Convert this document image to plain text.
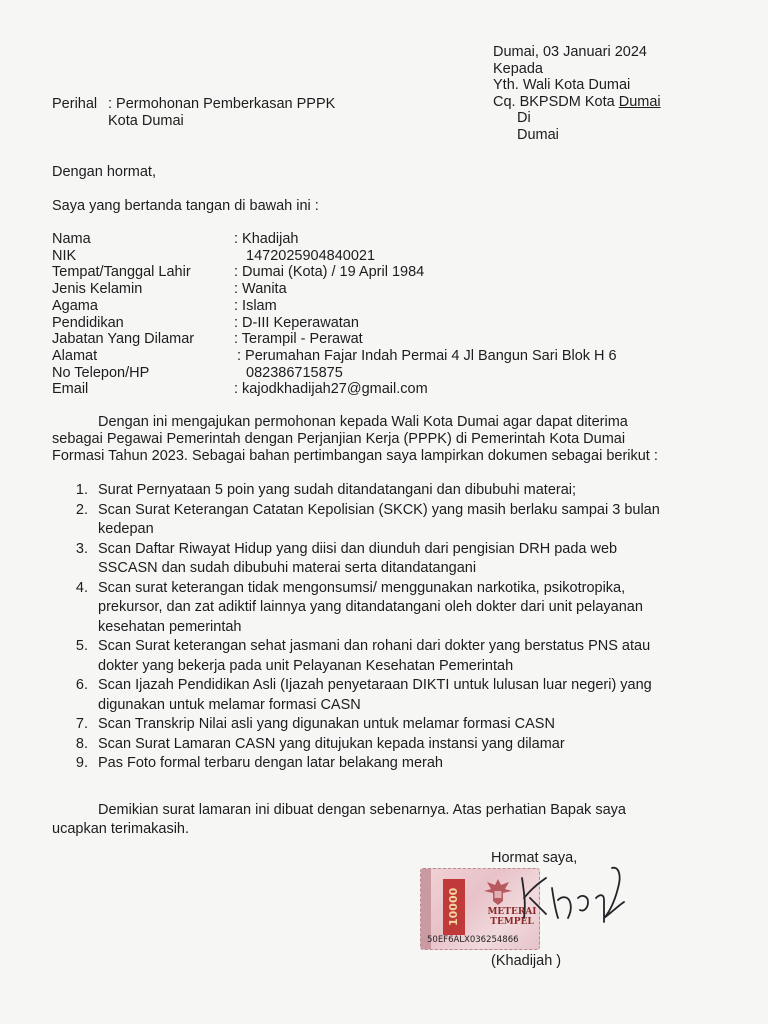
Dumai, 03 Januari 2024
Kepada
Yth. Wali Kota Dumai
Cq. BKPSDM Kota Dumai
Di
Dumai
Perihal : Permohonan Pemberkasan PPPK
Kota Dumai
Dengan hormat,
Saya yang bertanda tangan di bawah ini :
Nama	: Khadijah
NIK	1472025904840021
Tempat/Tanggal Lahir	: Dumai (Kota) / 19 April 1984
Jenis Kelamin	: Wanita
Agama	: Islam
Pendidikan	: D-III Keperawatan
Jabatan Yang Dilamar	: Terampil - Perawat
Alamat	: Perumahan Fajar Indah Permai 4 Jl Bangun Sari Blok H 6
No Telepon/HP	082386715875
Email	: kajodkhadijah27@gmail.com
Dengan ini mengajukan permohonan kepada Wali Kota Dumai agar dapat diterima
sebagai Pegawai Pemerintah dengan Perjanjian Kerja (PPPK) di Pemerintah Kota Dumai
Formasi Tahun 2023. Sebagai bahan pertimbangan saya lampirkan dokumen sebagai berikut :
1. Surat Pernyataan 5 poin yang sudah ditandatangani dan dibubuhi materai;
2. Scan Surat Keterangan Catatan Kepolisian (SKCK) yang masih berlaku sampai 3 bulan
kedepan
3. Scan Daftar Riwayat Hidup yang diisi dan diunduh dari pengisian DRH pada web
SSCASN dan sudah dibubuhi materai serta ditandatangani
4. Scan surat keterangan tidak mengonsumsi/ menggunakan narkotika, psikotropika,
prekursor, dan zat adiktif lainnya yang ditandatangani oleh dokter dari unit pelayanan
kesehatan pemerintah
5. Scan Surat keterangan sehat jasmani dan rohani dari dokter yang berstatus PNS atau
dokter yang bekerja pada unit Pelayanan Kesehatan Pemerintah
6. Scan Ijazah Pendidikan Asli (Ijazah penyetaraan DIKTI untuk lulusan luar negeri) yang
digunakan untuk melamar formasi CASN
7. Scan Transkrip Nilai asli yang digunakan untuk melamar formasi CASN
8. Scan Surat Lamaran CASN yang ditujukan kepada instansi yang dilamar
9. Pas Foto formal terbaru dengan latar belakang merah
Demikian surat lamaran ini dibuat dengan sebenarnya. Atas perhatian Bapak saya
ucapkan terimakasih.
Hormat saya,
10000	METERAI
TEMPEL
50EF6ALX036254866
(Khadijah )
